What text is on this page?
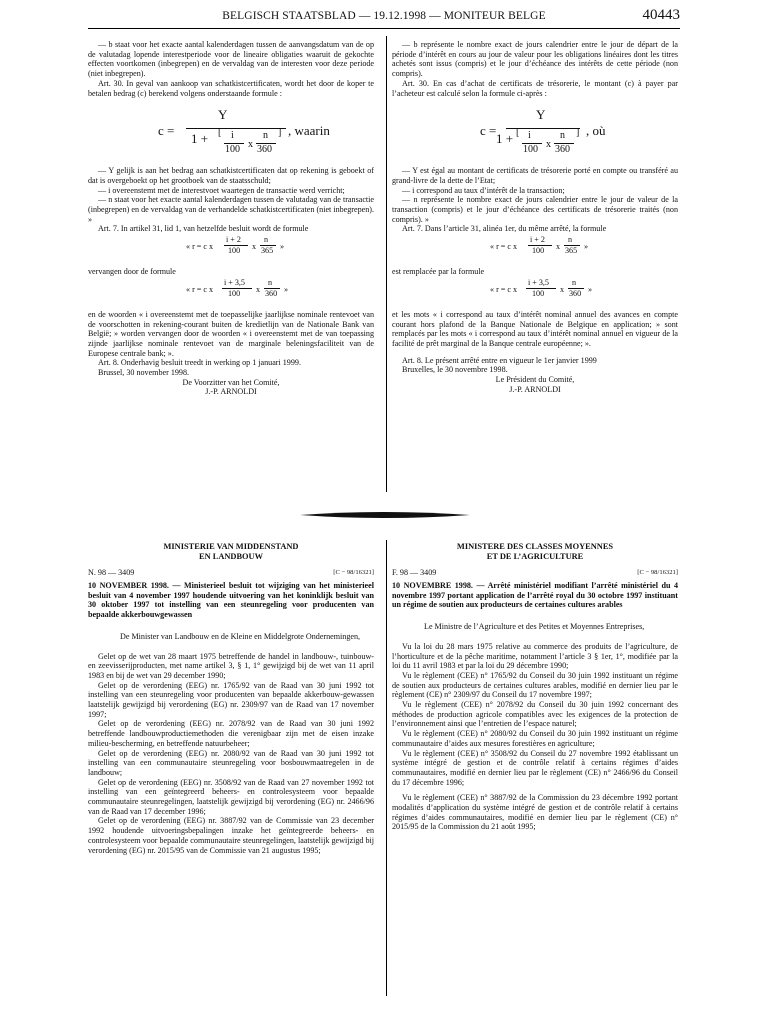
BELGISCH STAATSBLAD — 19.12.1998 — MONITEUR BELGE	40443

— b staat voor het exacte aantal kalenderdagen tussen de aanvangsdatum van de op de valutadag lopende interestperiode voor de lineaire obligaties waaruit de gekochte effecten voortkomen (inbegrepen) en de vervaldag van de interesten voor deze periode (niet inbegrepen).

Art. 30. In geval van aankoop van schatkistcertificaten, wordt het door de koper te betalen bedrag (c) berekend volgens onderstaande formule :

c =
Y
1 + [ i	n
x
100 360
] , waarin

— Y gelijk is aan het bedrag aan schatkistcertificaten dat op rekening is geboekt of dat is overgeboekt op het grootboek van de staatsschuld;

— i overeenstemt met de interestvoet waartegen de transactie werd verricht;

— n staat voor het exacte aantal kalenderdagen tussen de valutadag van de transactie (inbegrepen) en de vervaldag van de verhandelde schatkistcertificaten (niet inbegrepen). »

Art. 7. In artikel 31, lid 1, van hetzelfde besluit wordt de formule

« r = c x
i + 2
100 x
n
365 »

vervangen door de formule

« r = c x
i + 3,5
100 x
n
360 »

en de woorden « i overeenstemt met de toepasselijke jaarlijkse nominale rentevoet van de voorschotten in rekening-courant buiten de kredietlijn van de Nationale Bank van België; » worden vervangen door de woorden « i overeenstemt met de van toepassing zijnde jaarlijkse nominale rentevoet van de marginale beleningsfaciliteit van de Europese centrale bank; ».

Art. 8. Onderhavig besluit treedt in werking op 1 januari 1999.

Brussel, 30 november 1998.

De Voorzitter van het Comité,

J.-P. ARNOLDI

— b représente le nombre exact de jours calendrier entre le jour de départ de la période d’intérêt en cours au jour de valeur pour les obligations linéaires dont les titres achetés sont issus (compris) et le jour d’échéance des intérêts de cette période (non compris).

Art. 30. En cas d’achat de certificats de trésorerie, le montant (c) à payer par l’acheteur est calculé selon la formule ci-après :

c =
Y
1 + [ i	n
x
100 360
] , où

— Y est égal au montant de certificats de trésorerie porté en compte ou transféré au grand-livre de la dette de l’Etat;

— i correspond au taux d’intérêt de la transaction;

— n représente le nombre exact de jours calendrier entre le jour de valeur de la transaction (compris) et le jour d’échéance des certificats de trésorerie traités (non compris). »

Art. 7. Dans l’article 31, alinéa 1er, du même arrêté, la formule

« r = c x
i + 2
100 x
n
365 »

est remplacée par la formule

« r = c x
i + 3,5
100 x
n
360 »

et les mots « i correspond au taux d’intérêt nominal annuel des avances en compte courant hors plafond de la Banque Nationale de Belgique en application; » sont remplacés par les mots « i correspond au taux d’intérêt nominal annuel en vigueur de la facilité de prêt marginal de la Banque centrale européenne; ».

Art. 8. Le présent arrêté entre en vigueur le 1er janvier 1999

Bruxelles, le 30 novembre 1998.

Le Président du Comité,

J.-P. ARNOLDI

MINISTERIE VAN MIDDENSTAND

EN LANDBOUW

N. 98 — 3409	[C − 98/16321]

10 NOVEMBER 1998. — Ministerieel besluit tot wijziging van het ministerieel besluit van 4 november 1997 houdende uitvoering van het koninklijk besluit van 30 oktober 1997 tot instelling van een steunregeling voor producenten van bepaalde akkerbouwgewassen

De Minister van Landbouw en de Kleine en Middelgrote Ondernemingen,

Gelet op de wet van 28 maart 1975 betreffende de handel in landbouw-, tuinbouw- en zeevisserijproducten, met name artikel 3, § 1, 1° gewijzigd bij de wet van 11 april 1983 en bij de wet van 29 december 1990;

Gelet op de verordening (EEG) nr. 1765/92 van de Raad van 30 juni 1992 tot instelling van een steunregeling voor producenten van bepaalde akkerbouw-gewassen laatstelijk gewijzigd bij verordening (EG) nr. 2309/97 van de Raad van 17 november 1997;

Gelet op de verordening (EEG) nr. 2078/92 van de Raad van 30 juni 1992 betreffende landbouwproductiemethoden die verenigbaar zijn met de eisen inzake milieu-bescherming, en betreffende natuurbeheer;

Gelet op de verordening (EEG) nr. 2080/92 van de Raad van 30 juni 1992 tot instelling van een communautaire steunregeling voor bosbouwmaatregelen in de landbouw;

Gelet op de verordening (EEG) nr. 3508/92 van de Raad van 27 november 1992 tot instelling van een geïntegreerd beheers- en controlesysteem voor bepaalde communautaire steunregelingen, laatstelijk gewijzigd bij verordening (EG) nr. 2466/96 van de Raad van 17 december 1996;

Gelet op de verordening (EEG) nr. 3887/92 van de Commissie van 23 december 1992 houdende uitvoeringsbepalingen inzake het geïntegreerde beheers- en controlesysteem voor bepaalde communautaire steunregelingen, laatstelijk gewijzigd bij verordening (EG) nr. 2015/95 van de Commissie van 21 augustus 1995;

MINISTERE DES CLASSES MOYENNES

ET DE L’AGRICULTURE

F. 98 — 3409	[C − 98/16321]

10 NOVEMBRE 1998. — Arrêté ministériel modifiant l’arrêté ministériel du 4 novembre 1997 portant application de l’arrêté royal du 30 octobre 1997 instituant un régime de soutien aux producteurs de certaines cultures arables

Le Ministre de l’Agriculture et des Petites et Moyennes Entreprises,

Vu la loi du 28 mars 1975 relative au commerce des produits de l’agriculture, de l’horticulture et de la pêche maritime, notamment l’article 3 § 1er, 1°, modifiée par la loi du 11 avril 1983 et par la loi du 29 décembre 1990;

Vu le règlement (CEE) n° 1765/92 du Conseil du 30 juin 1992 instituant un régime de soutien aux producteurs de certaines cultures arables, modifié en dernier lieu par le règlement (CE) n° 2309/97 du Conseil du 17 novembre 1997;

Vu le règlement (CEE) n° 2078/92 du Conseil du 30 juin 1992 concernant des méthodes de production agricole compatibles avec les exigences de la protection de l’environnement ainsi que l’entretien de l’espace naturel;

Vu le règlement (CEE) n° 2080/92 du Conseil du 30 juin 1992 instituant un régime communautaire d’aides aux mesures forestières en agriculture;

Vu le règlement (CEE) n° 3508/92 du Conseil du 27 novembre 1992 établissant un système intégré de gestion et de contrôle relatif à certains régimes d’aides communautaires, modifié en dernier lieu par le règlement (CE) n° 2466/96 du Conseil du 17 décembre 1996;

Vu le règlement (CEE) n° 3887/92 de la Commission du 23 décembre 1992 portant modalités d’application du système intégré de gestion et de contrôle relatif à certains régimes d’aides communautaires, modifié en dernier lieu par le règlement (CE) n° 2015/95 de la Commission du 21 août 1995;
